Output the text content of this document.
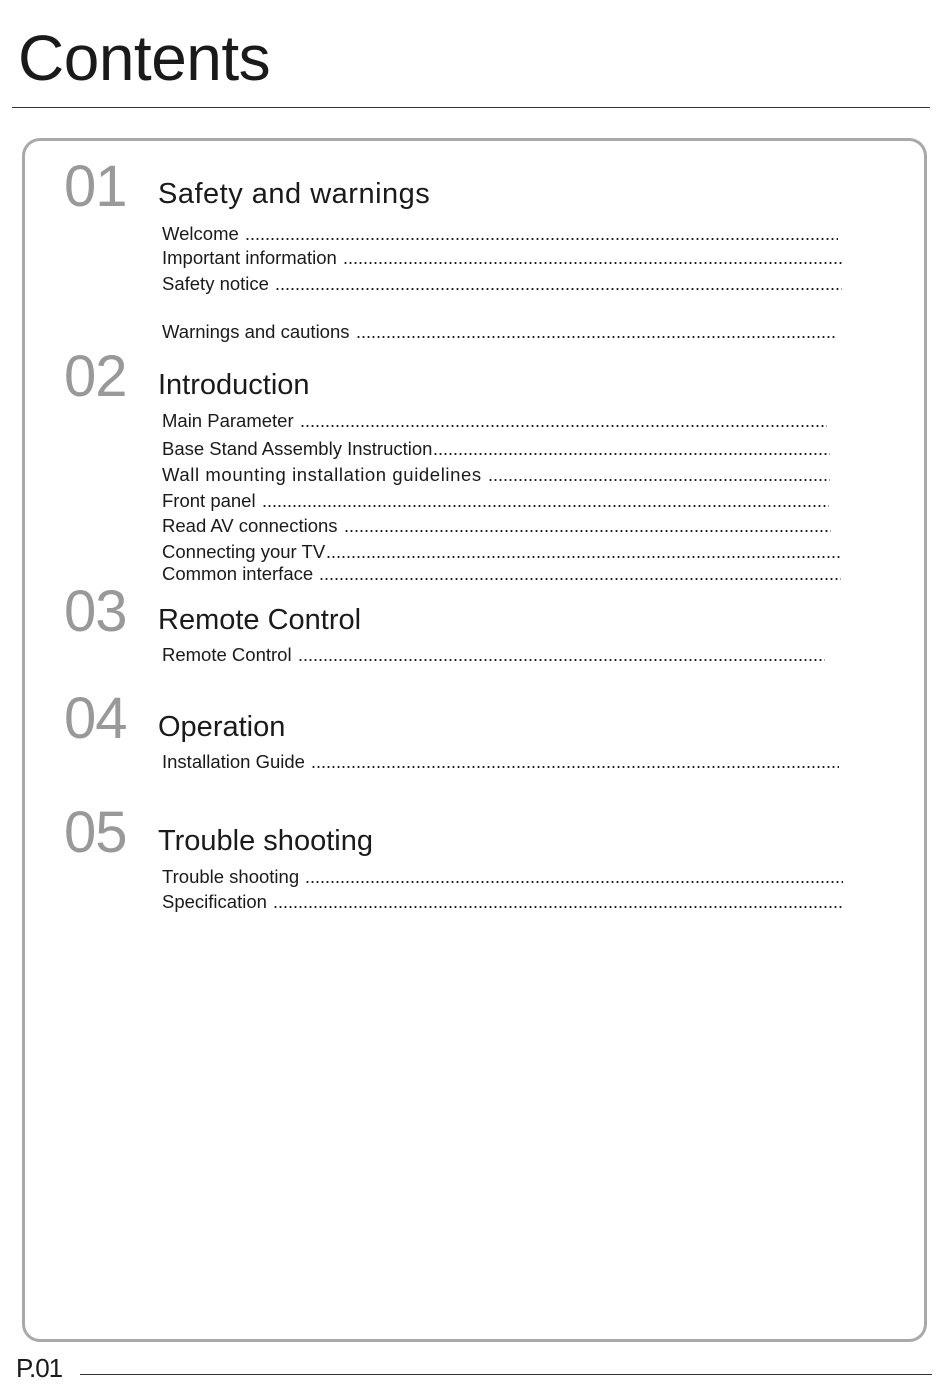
Contents
01 Safety and warnings
Welcome
Important information
Safety notice
Warnings and cautions
02 Introduction
Main Parameter
Base Stand Assembly Instruction
Wall mounting installation guidelines
Front panel
Read AV connections
Connecting your TV
Common interface
03 Remote Control
Remote Control
04 Operation
Installation Guide
05 Trouble shooting
Trouble shooting
Specification
P.01
